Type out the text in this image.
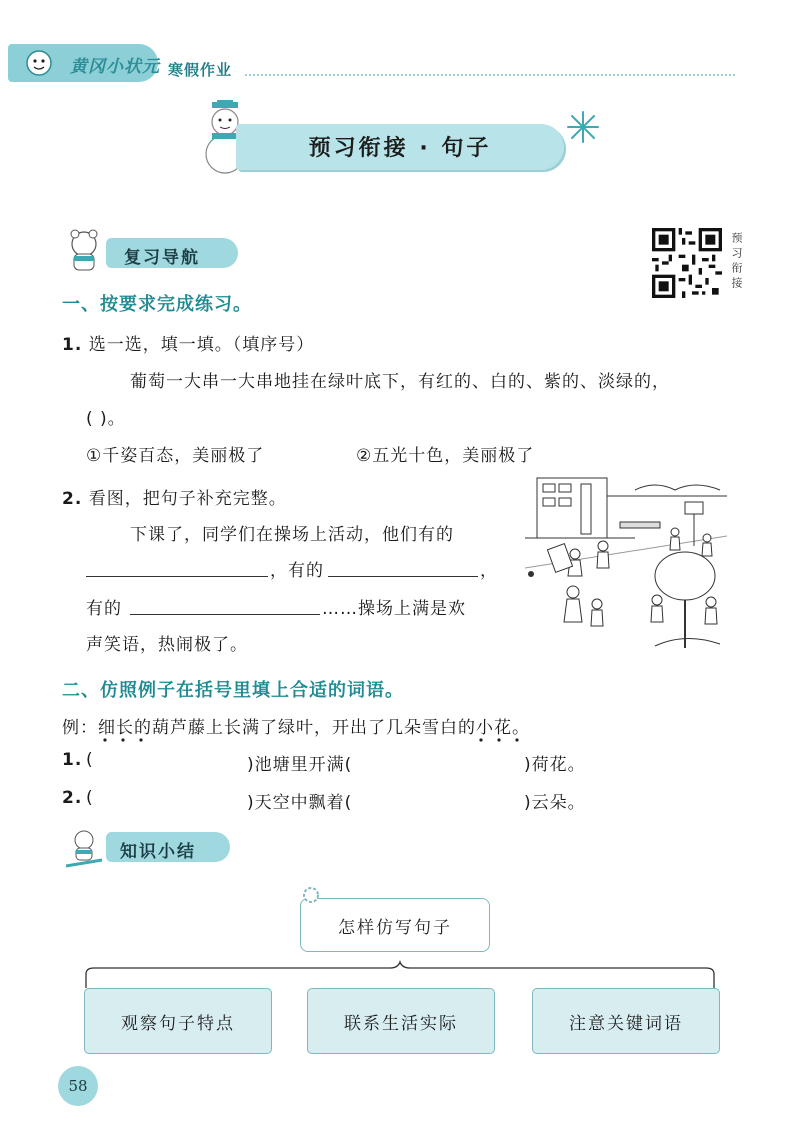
黄冈小状元 寒假作业
预习衔接 · 句子
复习导航	预习衔接
一、按要求完成练习。
1. 选一选，填一填。（填序号）
葡萄一大串一大串地挂在绿叶底下，有红的、白的、紫的、淡绿的，
( )。
①千姿百态，美丽极了	②五光十色，美丽极了
2. 看图，把句子补充完整。
下课了，同学们在操场上活动，他们有的
，有的	，
有的	……操场上满是欢
声笑语，热闹极了。
二、仿照例子在括号里填上合适的词语。
例：细长的葫芦藤上长满了绿叶，开出了几朵雪白的小花。
1. (	)池塘里开满(	)荷花。
2. (	)天空中飘着(	)云朵。
知识小结
怎样仿写句子
观察句子特点	联系生活实际	注意关键词语
58
